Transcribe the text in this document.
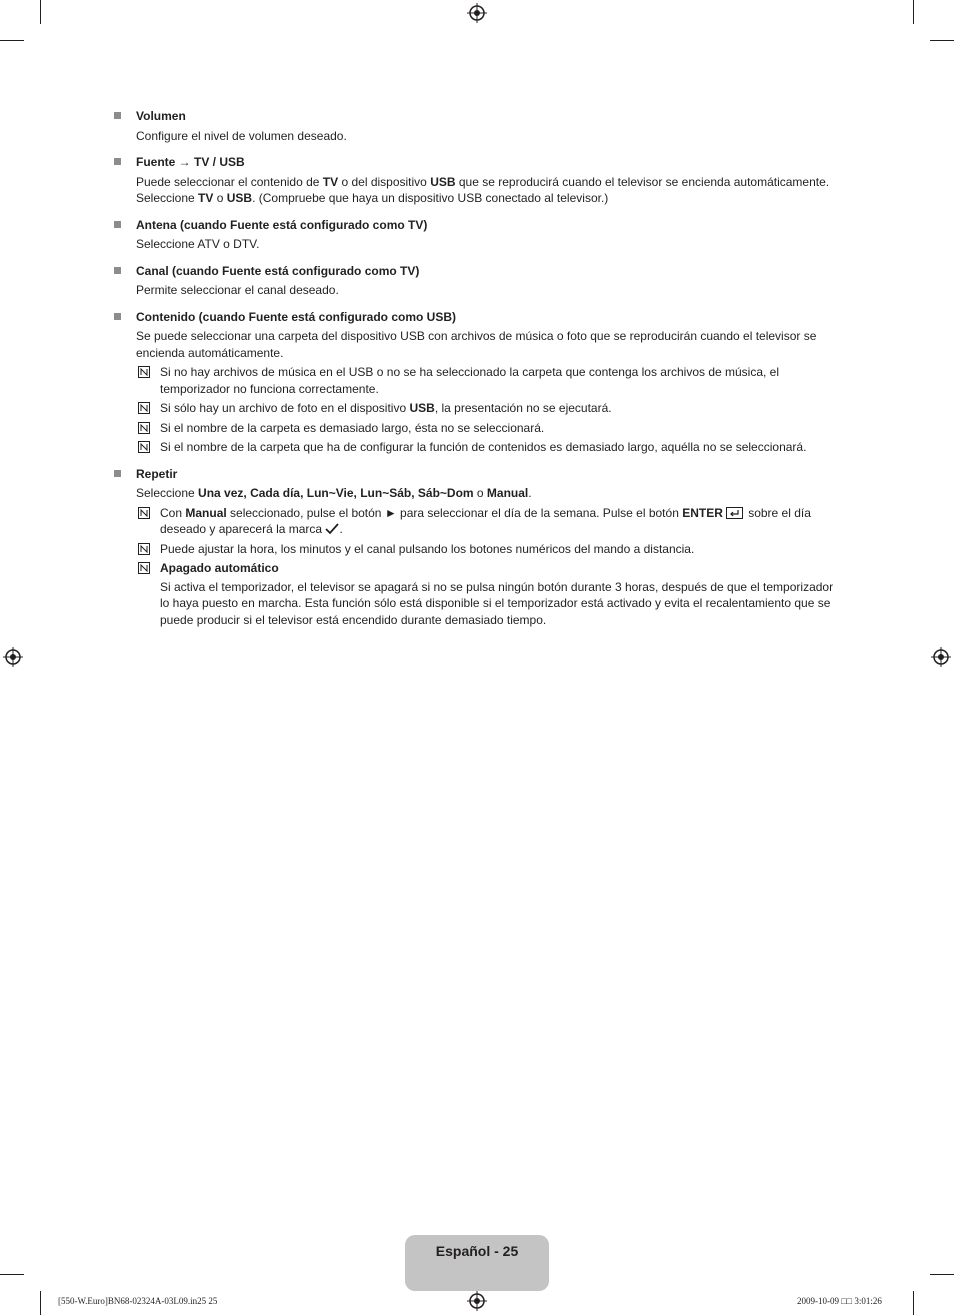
Volumen
Configure el nivel de volumen deseado.
Fuente → TV / USB
Puede seleccionar el contenido de TV o del dispositivo USB que se reproducirá cuando el televisor se encienda automáticamente. Seleccione TV o USB. (Compruebe que haya un dispositivo USB conectado al televisor.)
Antena (cuando Fuente está configurado como TV)
Seleccione ATV o DTV.
Canal (cuando Fuente está configurado como TV)
Permite seleccionar el canal deseado.
Contenido (cuando Fuente está configurado como USB)
Se puede seleccionar una carpeta del dispositivo USB con archivos de música o foto que se reproducirán cuando el televisor se encienda automáticamente.
Si no hay archivos de música en el USB o no se ha seleccionado la carpeta que contenga los archivos de música, el temporizador no funciona correctamente.
Si sólo hay un archivo de foto en el dispositivo USB, la presentación no se ejecutará.
Si el nombre de la carpeta es demasiado largo, ésta no se seleccionará.
Si el nombre de la carpeta que ha de configurar la función de contenidos es demasiado largo, aquélla no se seleccionará.
Repetir
Seleccione Una vez, Cada día, Lun~Vie, Lun~Sáb, Sáb~Dom o Manual.
Con Manual seleccionado, pulse el botón ► para seleccionar el día de la semana. Pulse el botón ENTER sobre el día deseado y aparecerá la marca .
Puede ajustar la hora, los minutos y el canal pulsando los botones numéricos del mando a distancia.
Apagado automático
Si activa el temporizador, el televisor se apagará si no se pulsa ningún botón durante 3 horas, después de que el temporizador lo haya puesto en marcha. Esta función sólo está disponible si el temporizador está activado y evita el recalentamiento que se puede producir si el televisor está encendido durante demasiado tiempo.
Español - 25
[550-W.Euro]BN68-02324A-03L09.in25 25	2009-10-09 □□ 3:01:26
